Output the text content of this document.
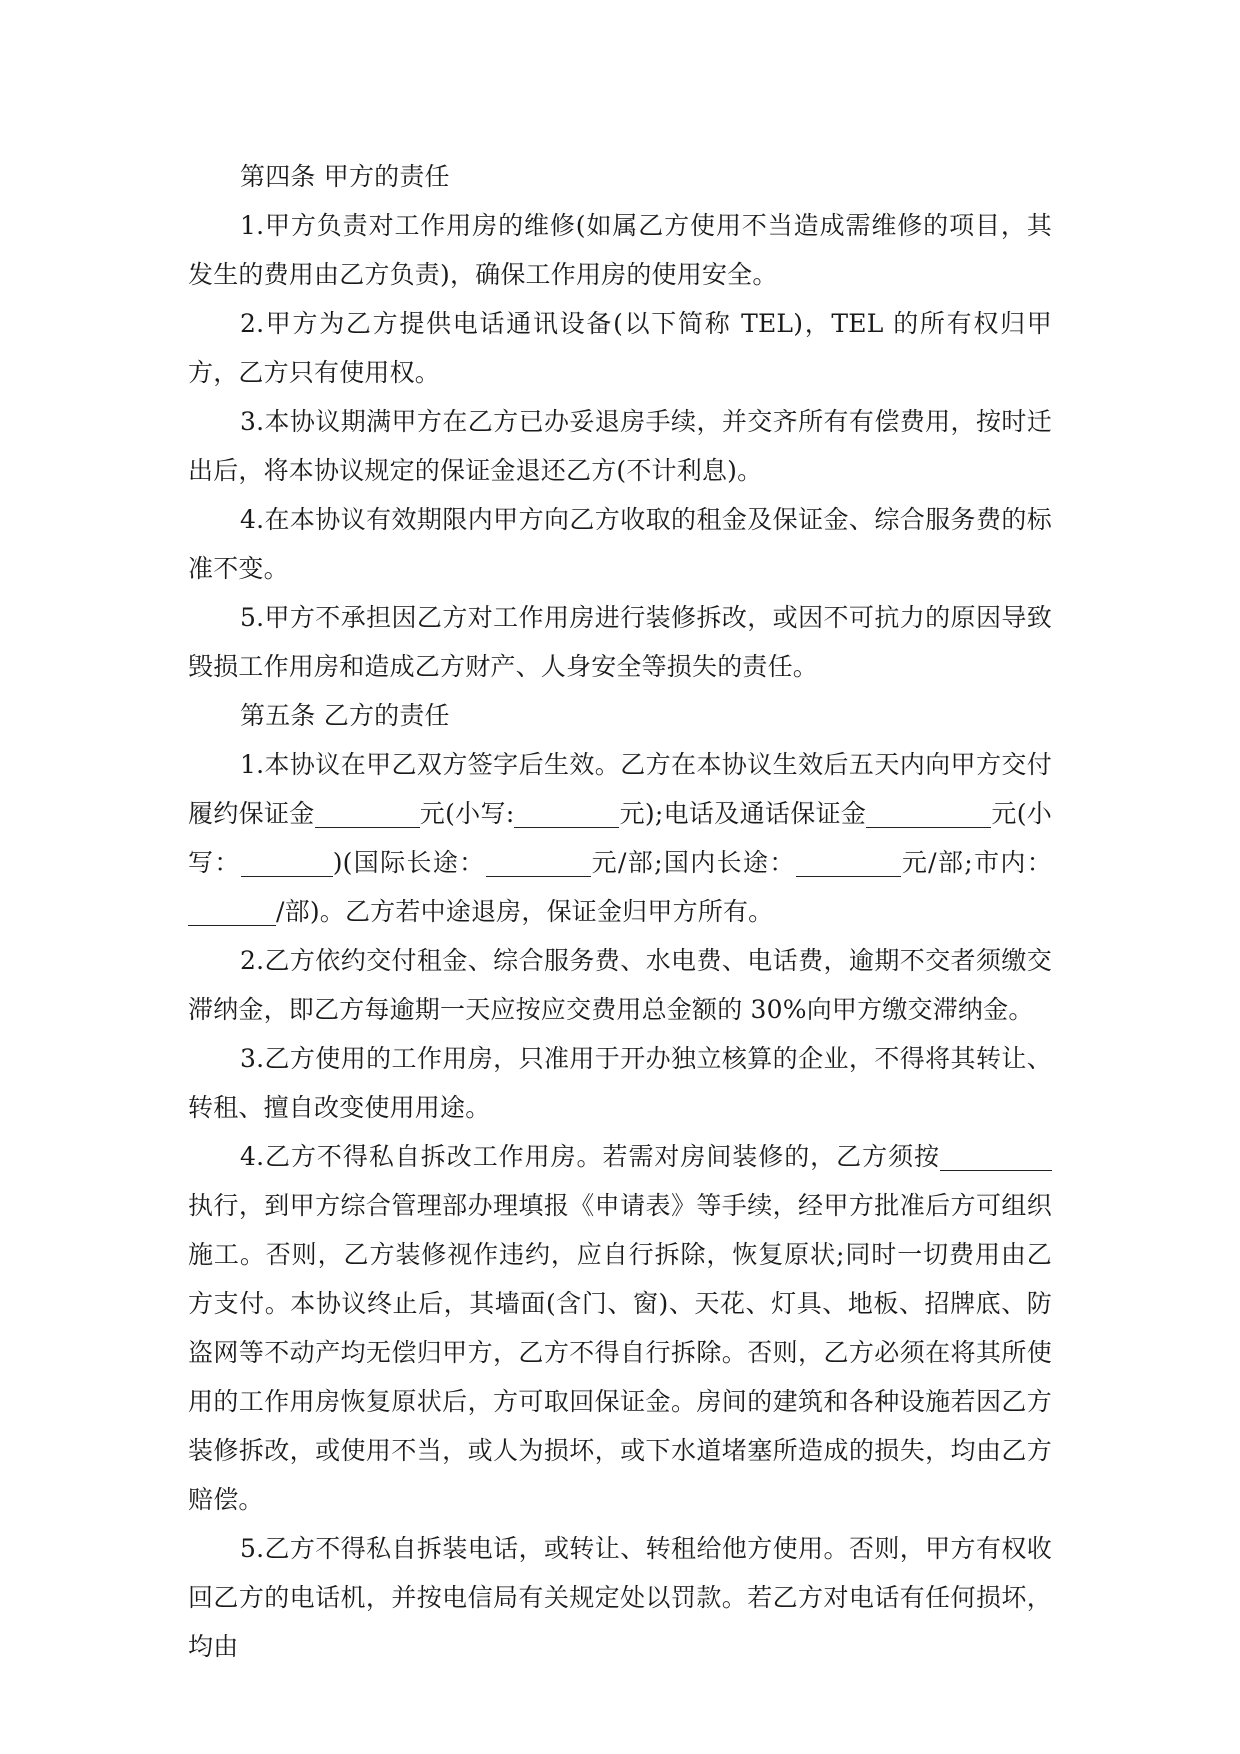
第四条 甲方的责任

1.甲方负责对工作用房的维修(如属乙方使用不当造成需维修的项目，其发生的费用由乙方负责)，确保工作用房的使用安全。

2.甲方为乙方提供电话通讯设备(以下简称 TEL)，TEL 的所有权归甲方，乙方只有使用权。

3.本协议期满甲方在乙方已办妥退房手续，并交齐所有有偿费用，按时迁出后，将本协议规定的保证金退还乙方(不计利息)。

4.在本协议有效期限内甲方向乙方收取的租金及保证金、综合服务费的标准不变。

5.甲方不承担因乙方对工作用房进行装修拆改，或因不可抗力的原因导致毁损工作用房和造成乙方财产、人身安全等损失的责任。

第五条 乙方的责任

1.本协议在甲乙双方签字后生效。乙方在本协议生效后五天内向甲方交付履约保证金	元(小写:	元);电话及通话保证金	元(小写：	)(国际长途：	元/部;国内长途：	元/部;市内：/部)。乙方若中途退房，保证金归甲方所有。

2.乙方依约交付租金、综合服务费、水电费、电话费，逾期不交者须缴交滞纳金，即乙方每逾期一天应按应交费用总金额的 30%向甲方缴交滞纳金。

3.乙方使用的工作用房，只准用于开办独立核算的企业，不得将其转让、转租、擅自改变使用用途。

4.乙方不得私自拆改工作用房。若需对房间装修的，乙方须按执行，到甲方综合管理部办理填报《申请表》等手续，经甲方批准后方可组织施工。否则，乙方装修视作违约，应自行拆除，恢复原状;同时一切费用由乙方支付。本协议终止后，其墙面(含门、窗)、天花、灯具、地板、招牌底、防盗网等不动产均无偿归甲方，乙方不得自行拆除。否则，乙方必须在将其所使用的工作用房恢复原状后，方可取回保证金。房间的建筑和各种设施若因乙方装修拆改，或使用不当，或人为损坏，或下水道堵塞所造成的损失，均由乙方赔偿。

5.乙方不得私自拆装电话，或转让、转租给他方使用。否则，甲方有权收回乙方的电话机，并按电信局有关规定处以罚款。若乙方对电话有任何损坏，均由
